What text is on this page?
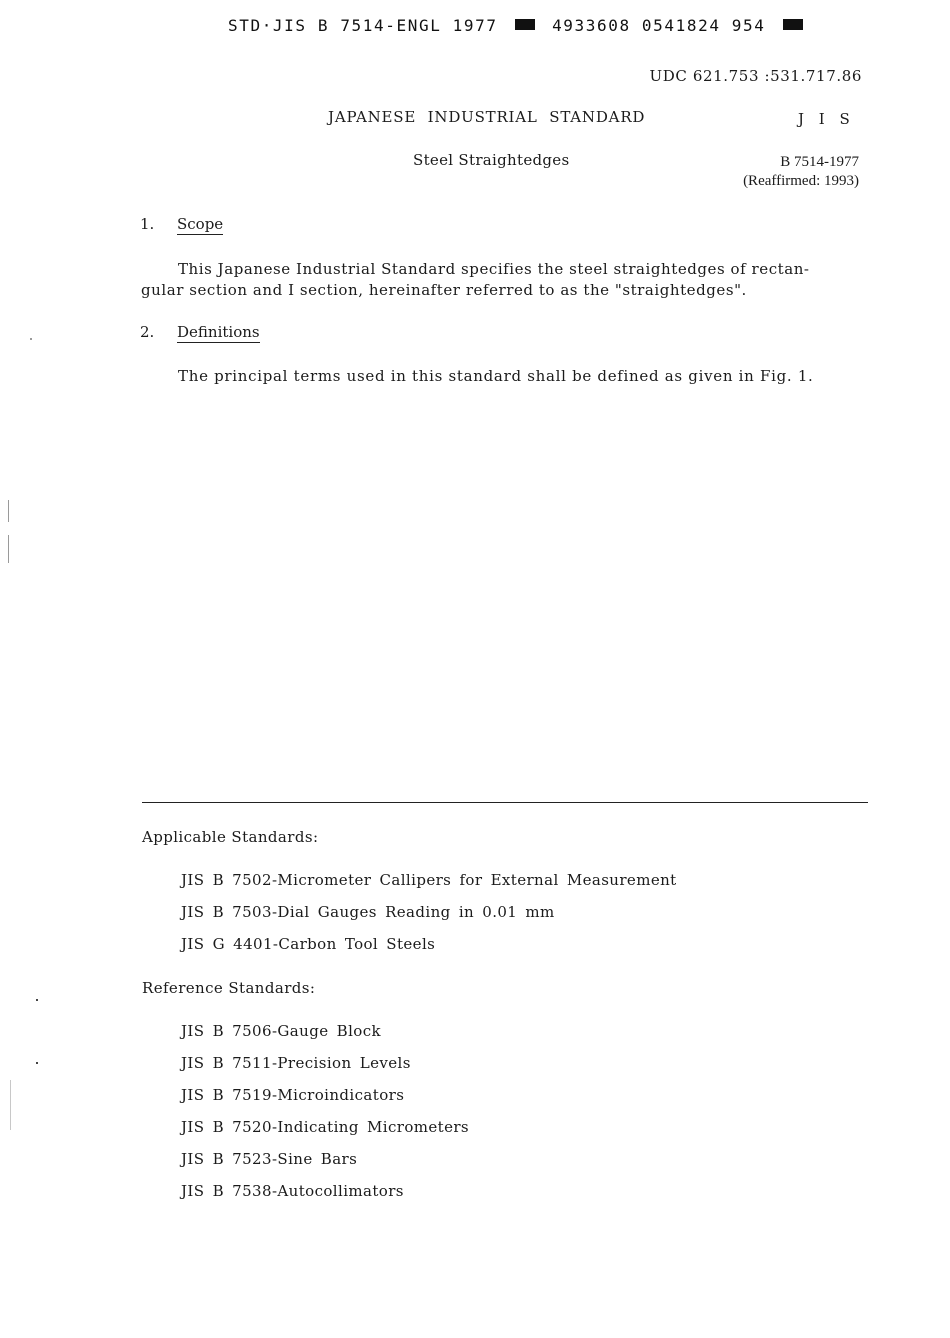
STD·JIS B 7514-ENGL 1977	4933608 0541824 954
UDC 621.753 :531.717.86
JAPANESE INDUSTRIAL STANDARD	J I S
Steel Straightedges	B 7514-1977
(Reaffirmed: 1993)
1. Scope
This Japanese Industrial Standard specifies the steel straightedges of rectan-
gular section and I section, hereinafter referred to as the "straightedges".
2. Definitions
The principal terms used in this standard shall be defined as given in Fig. 1.
Applicable Standards:
JIS B 7502-Micrometer Callipers for External Measurement
JIS B 7503-Dial Gauges Reading in 0.01 mm
JIS G 4401-Carbon Tool Steels
Reference Standards:
JIS B 7506-Gauge Block
JIS B 7511-Precision Levels
JIS B 7519-Microindicators
JIS B 7520-Indicating Micrometers
JIS B 7523-Sine Bars
JIS B 7538-Autocollimators
